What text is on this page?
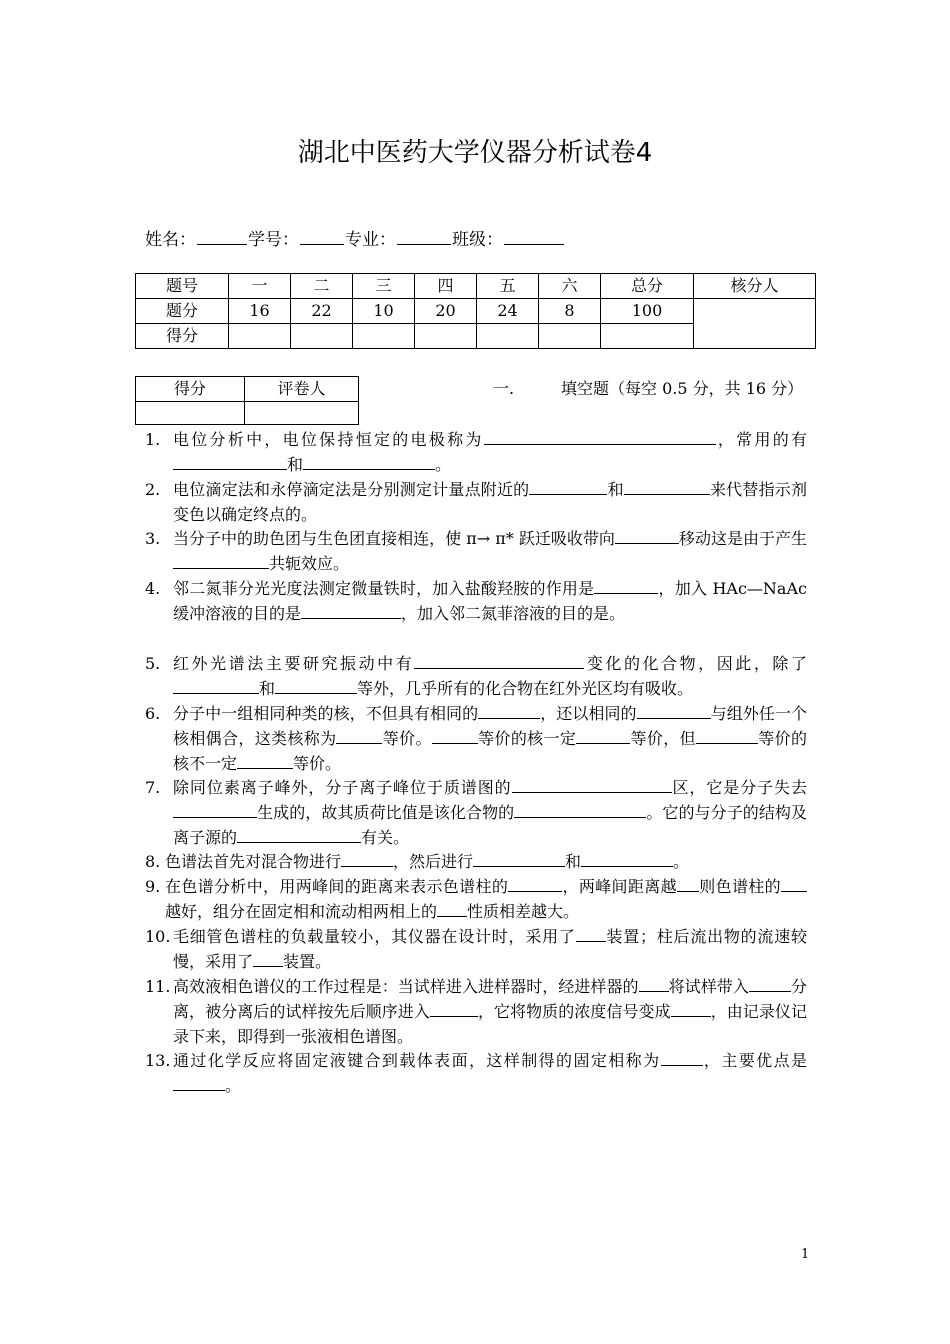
湖北中医药大学仪器分析试卷4
姓名：	学号：	专业：	班级：
题号	一	二	三	四	五	六	总分	核分人
题分	16	22	10	20	24	8	100	
得分								
得分	评卷人
		一.	填空题（每空 0.5 分，共 16 分）
1. 电位分析中，电位保持恒定的电极称为	，常用的有和	。
2. 电位滴定法和永停滴定法是分别测定计量点附近的	和	来代替指示剂变色以确定终点的。
3. 当分子中的助色团与生色团直接相连，使 π→ π* 跃迁吸收带向	移动这是由于产生共轭效应。
4. 邻二氮菲分光光度法测定微量铁时，加入盐酸羟胺的作用是	，加入 HAc—NaAc 缓冲溶液的目的是	，加入邻二氮菲溶液的目的是。
5. 红外光谱法主要研究振动中有	变化的化合物，因此，除了和	等外，几乎所有的化合物在红外光区均有吸收。
6. 分子中一组相同种类的核，不但具有相同的	，还以相同的	与组外任一个核相偶合，这类核称为	等价。	等价的核一定	等价，但	等价的核不一定	等价。
7. 除同位素离子峰外，分子离子峰位于质谱图的	区，它是分子失去生成的，故其质荷比值是该化合物的	。它的与分子的结构及离子源的	有关。
8. 色谱法首先对混合物进行	，然后进行	和	。
9. 在色谱分析中，用两峰间的距离来表示色谱柱的	，两峰间距离越 则色谱柱的越好，组分在固定相和流动相两相上的 性质相差越大。
10. 毛细管色谱柱的负载量较小，其仪器在设计时，采用了 装置；柱后流出物的流速较慢，采用了 装置。
11. 高效液相色谱仪的工作过程是：当试样进入进样器时，经进样器的 将试样带入	分离，被分离后的试样按先后顺序进入	，它将物质的浓度信号变成	，由记录仪记录下来，即得到一张液相色谱图。
13. 通过化学反应将固定液键合到载体表面，这样制得的固定相称为	，主要优点是。
1
